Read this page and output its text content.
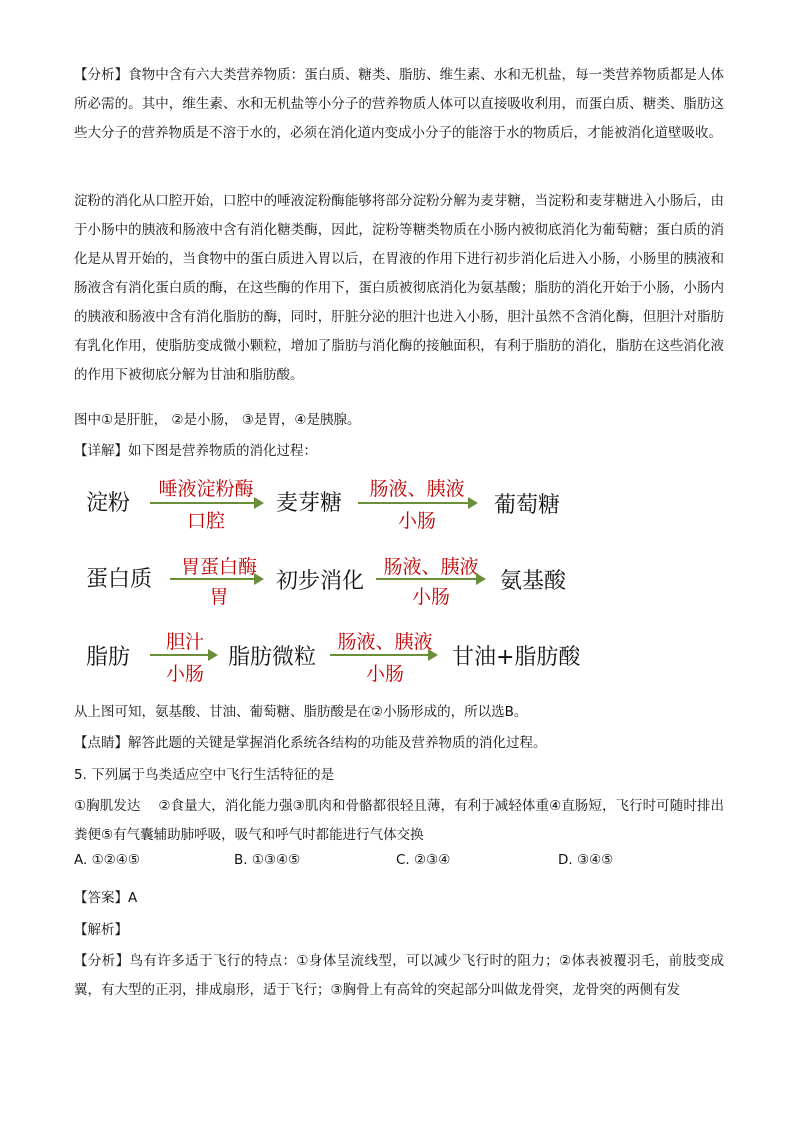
【分析】食物中含有六大类营养物质：蛋白质、糖类、脂肪、维生素、水和无机盐，每一类营养物质都是人体所必需的。其中，维生素、水和无机盐等小分子的营养物质人体可以直接吸收利用，而蛋白质、糖类、脂肪这些大分子的营养物质是不溶于水的，必须在消化道内变成小分子的能溶于水的物质后，才能被消化道壁吸收。

淀粉的消化从口腔开始，口腔中的唾液淀粉酶能够将部分淀粉分解为麦芽糖，当淀粉和麦芽糖进入小肠后，由于小肠中的胰液和肠液中含有消化糖类酶，因此，淀粉等糖类物质在小肠内被彻底消化为葡萄糖；蛋白质的消化是从胃开始的，当食物中的蛋白质进入胃以后，在胃液的作用下进行初步消化后进入小肠，小肠里的胰液和肠液含有消化蛋白质的酶，在这些酶的作用下，蛋白质被彻底消化为氨基酸；脂肪的消化开始于小肠，小肠内的胰液和肠液中含有消化脂肪的酶，同时，肝脏分泌的胆汁也进入小肠，胆汁虽然不含消化酶，但胆汁对脂肪有乳化作用，使脂肪变成微小颗粒，增加了脂肪与消化酶的接触面积，有利于脂肪的消化，脂肪在这些消化液的作用下被彻底分解为甘油和脂肪酸。

图中①是肝脏， ②是小肠， ③是胃，④是胰腺。

【详解】如下图是营养物质的消化过程：

淀粉
唾液淀粉酶
口腔
麦芽糖
肠液、胰液
小肠
葡萄糖
蛋白质	胃蛋白酶
胃
初步消化
肠液、胰液
小肠
氨基酸
脂肪
胆汁
小肠
脂肪微粒
肠液、胰液
小肠
甘油+脂肪酸

从上图可知，氨基酸、甘油、葡萄糖、脂肪酸是在②小肠形成的，所以选B。

【点睛】解答此题的关键是掌握消化系统各结构的功能及营养物质的消化过程。

5. 下列属于鸟类适应空中飞行生活特征的是

①胸肌发达　 ②食量大，消化能力强③肌肉和骨骼都很轻且薄，有利于减轻体重④直肠短，飞行时可随时排出粪便⑤有气囊辅助肺呼吸，吸气和呼气时都能进行气体交换

A. ①②④⑤	B. ①③④⑤	C. ②③④	D. ③④⑤

【答案】A

【解析】

【分析】鸟有许多适于飞行的特点：①身体呈流线型，可以减少飞行时的阻力；②体表被覆羽毛，前肢变成翼，有大型的正羽，排成扇形，适于飞行；③胸骨上有高耸的突起部分叫做龙骨突，龙骨突的两侧有发
